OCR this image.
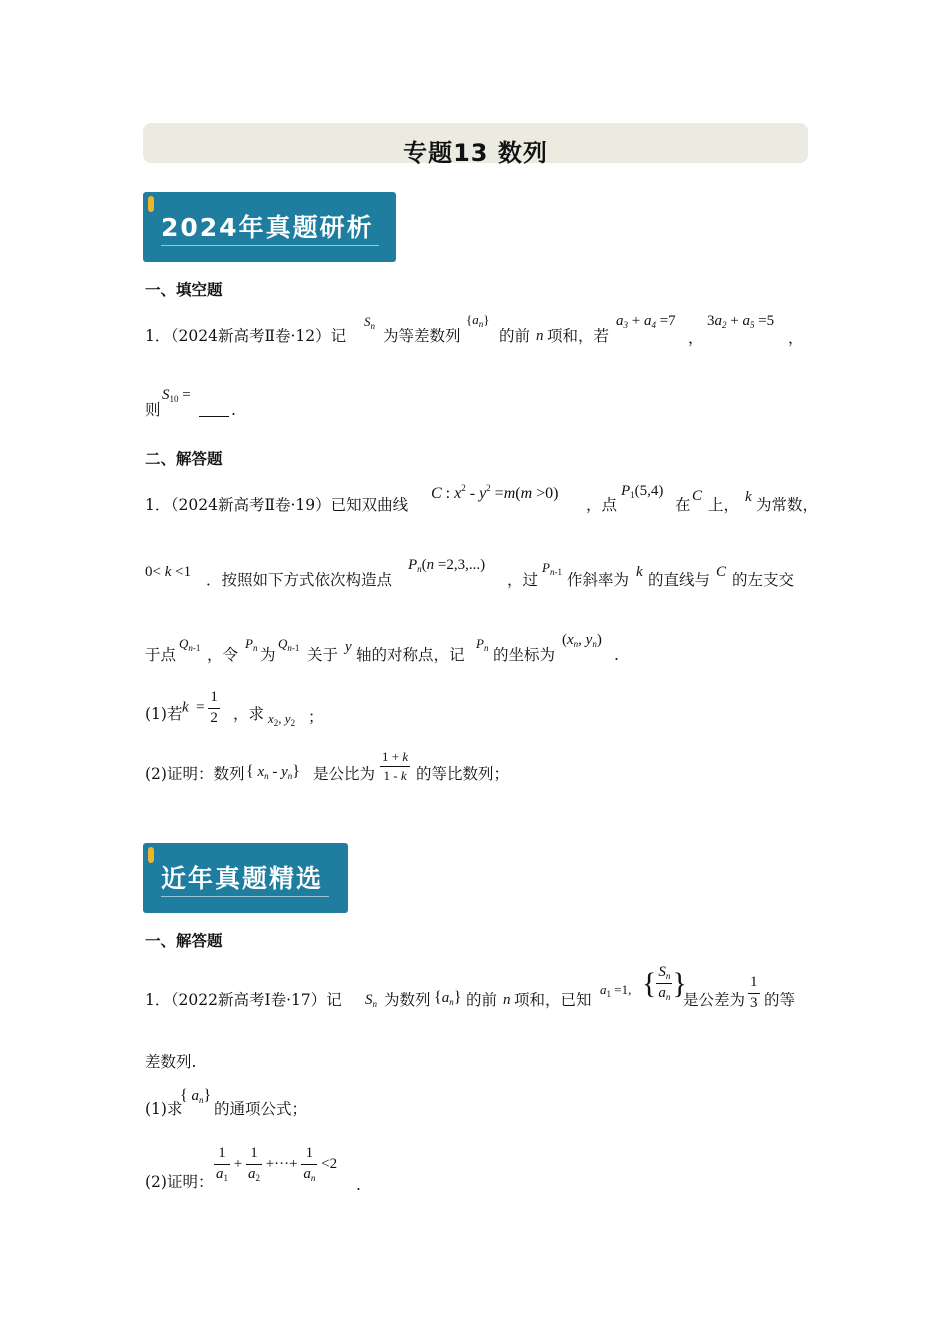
专题13 数列
2024年真题研析
一、填空题
1．
（2024新高考Ⅱ卷·12）记
$S_n$
为等差数列
$\{a_n\}$
的前 n 项和，若
$a_3 + a_4 =7$
，
$3a_2 + a_5 =5$
，
则
$S_{10}$ =
.
二、解答题
1．
（2024新高考Ⅱ卷·19）已知双曲线
C : $x^2 - y^2 =m(m >0)$
，点
$P_1(5,4)$
在 C 上， k 为常数，
0< k <1 ．按照如下方式依次构造点
$P_n(n =2,3,...)$
，过
$P_{n-1}$ 作斜率为 k 的直线与 C 的左支交
于点
$Q_{n-1}$ ，令
$P_n$ 为
$Q_{n-1}$ 关于 y 轴的对称点，记
$P_n$ 的坐标为
($x_n$, $y_n$)
.
(1)若 $k = \frac{1}{2}$ ，求 $x_2$, $y_2$ ；
(2)证明：数列 { $x_n - y_n$} 是公比为 $\frac{1 + k}{1 - k}$ 的等比数列；
近年真题精选
一、解答题
1．
（2022新高考Ⅰ卷·17）记 $S_n$ 为数列 $\{a_n\}$ 的前 n 项和，已知
$a_1 =1$, { $\frac{S_n}{a_n}$ }
是公差为 $\frac{1}{3}$ 的等
差数列.
(1)求
{ $a_n$}
的通项公式；
(2)证明： $\frac{1}{a_1} + \frac{1}{a_2}$ +···+ $\frac{1}{a_n} <2$
.
